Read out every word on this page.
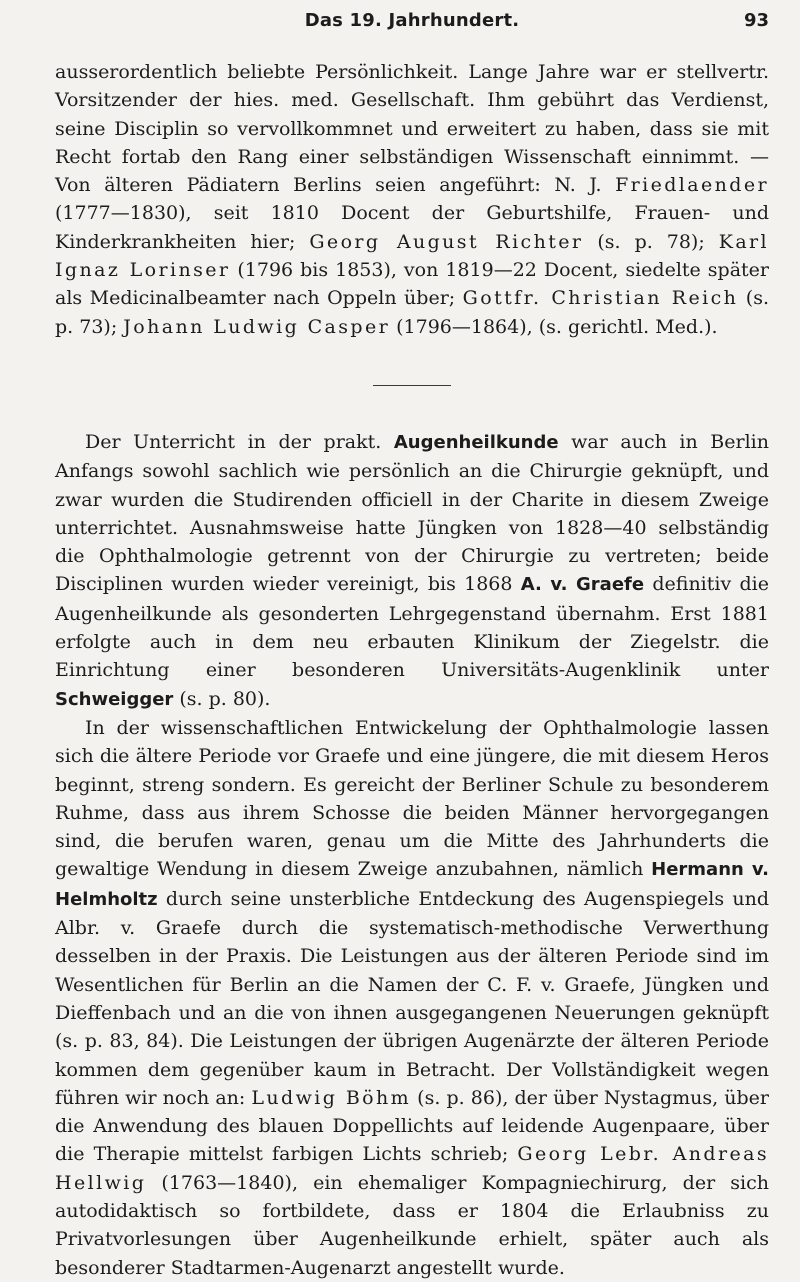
Das 19. Jahrhundert.	93

ausserordentlich beliebte Persönlichkeit. Lange Jahre war er stellvertr. Vorsitzender der hies. med. Gesellschaft. Ihm gebührt das Verdienst, seine Disciplin so vervollkommnet und erweitert zu haben, dass sie mit Recht fortab den Rang einer selbständigen Wissenschaft einnimmt. — Von älteren Pädiatern Berlins seien angeführt: N. J. Friedlaender (1777—1830), seit 1810 Docent der Geburtshilfe, Frauen- und Kinderkrankheiten hier; Georg August Richter (s. p. 78); Karl Ignaz Lorinser (1796 bis 1853), von 1819—22 Docent, siedelte später als Medicinalbeamter nach Oppeln über; Gottfr. Christian Reich (s. p. 73); Johann Ludwig Casper (1796—1864), (s. gerichtl. Med.).

Der Unterricht in der prakt. Augenheilkunde war auch in Berlin Anfangs sowohl sachlich wie persönlich an die Chirurgie geknüpft, und zwar wurden die Studirenden officiell in der Charite in diesem Zweige unterrichtet. Ausnahmsweise hatte Jüngken von 1828—40 selbständig die Ophthalmologie getrennt von der Chirurgie zu vertreten; beide Disciplinen wurden wieder vereinigt, bis 1868 A. v. Graefe definitiv die Augenheilkunde als gesonderten Lehrgegenstand übernahm. Erst 1881 erfolgte auch in dem neu erbauten Klinikum der Ziegelstr. die Einrichtung einer besonderen Universitäts-Augenklinik unter Schweigger (s. p. 80).

In der wissenschaftlichen Entwickelung der Ophthalmologie lassen sich die ältere Periode vor Graefe und eine jüngere, die mit diesem Heros beginnt, streng sondern. Es gereicht der Berliner Schule zu besonderem Ruhme, dass aus ihrem Schosse die beiden Männer hervorgegangen sind, die berufen waren, genau um die Mitte des Jahrhunderts die gewaltige Wendung in diesem Zweige anzubahnen, nämlich Hermann v. Helmholtz durch seine unsterbliche Entdeckung des Augenspiegels und Albr. v. Graefe durch die systematisch-methodische Verwerthung desselben in der Praxis. Die Leistungen aus der älteren Periode sind im Wesentlichen für Berlin an die Namen der C. F. v. Graefe, Jüngken und Dieffenbach und an die von ihnen ausgegangenen Neuerungen geknüpft (s. p. 83, 84). Die Leistungen der übrigen Augenärzte der älteren Periode kommen dem gegenüber kaum in Betracht. Der Vollständigkeit wegen führen wir noch an: Ludwig Böhm (s. p. 86), der über Nystagmus, über die Anwendung des blauen Doppellichts auf leidende Augenpaare, über die Therapie mittelst farbigen Lichts schrieb; Georg Lebr. Andreas Hellwig (1763—1840), ein ehemaliger Kompagniechirurg, der sich autodidaktisch so fortbildete, dass er 1804 die Erlaubniss zu Privatvorlesungen über Augenheilkunde erhielt, später auch als besonderer Stadtarmen-Augenarzt angestellt wurde.
